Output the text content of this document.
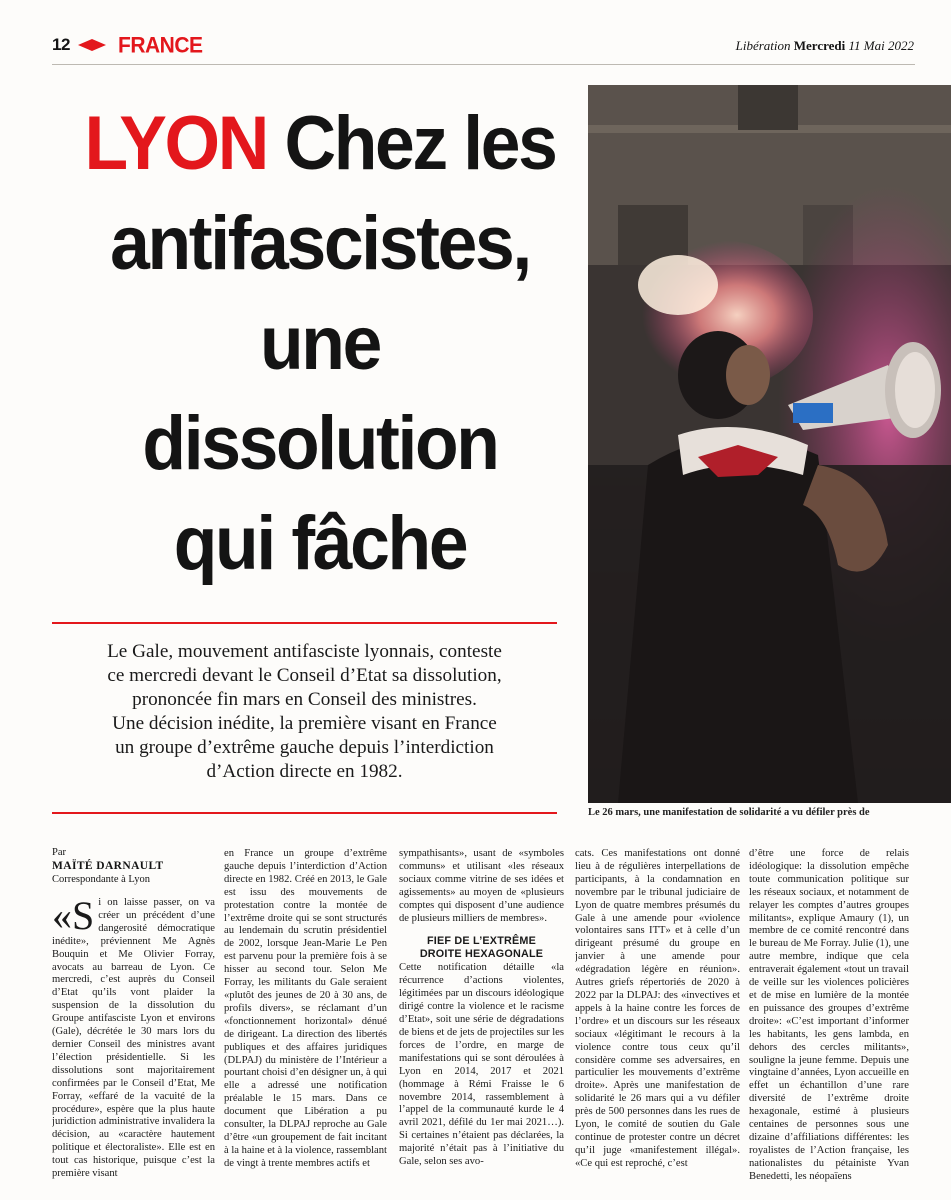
12 FRANCE	Libération Mercredi 11 Mai 2022
LYON Chez les
antifascistes,
une dissolution
qui fâche
Le 26 mars, une manifestation de solidarité a vu défiler près de
Le Gale, mouvement antifasciste lyonnais, conteste
ce mercredi devant le Conseil d’Etat sa dissolution,
prononcée fin mars en Conseil des ministres.
Une décision inédite, la première visant en France
un groupe d’extrême gauche depuis l’interdiction
d’Action directe en 1982.
Par
MAÏTÉ DARNAULT
Correspondante à Lyon
«S i on laisse passer, on va créer un précédent d’une dangerosité démocratique inédite», préviennent Me Agnès Bouquin et Me Olivier Forray, avocats au barreau de Lyon. Ce mercredi, c’est auprès du Conseil d’Etat qu’ils vont plaider la suspension de la dissolution du Groupe antifasciste Lyon et environs (Gale), décrétée le 30 mars lors du dernier Conseil des ministres avant l’élection présidentielle. Si les dissolutions sont majoritairement confirmées par le Conseil d’Etat, Me Forray, «effaré de la vacuité de la procédure», espère que la plus haute juridiction administrative invalidera la décision, au «caractère hautement politique et électoraliste». Elle est en tout cas historique, puisque c’est la première visant

en France un groupe d’extrême gauche depuis l’interdiction d’Action directe en 1982. Créé en 2013, le Gale est issu des mouvements de protestation contre la montée de l’extrême droite qui se sont structurés au lendemain du scrutin présidentiel de 2002, lorsque Jean-Marie Le Pen est parvenu pour la première fois à se hisser au second tour. Selon Me Forray, les militants du Gale seraient «plutôt des jeunes de 20 à 30 ans, de profils divers», se réclamant d’un «fonctionnement horizontal» dénué de dirigeant. La direction des libertés publiques et des affaires juridiques (DLPAJ) du ministère de l’Intérieur a pourtant choisi d’en désigner un, à qui elle a adressé une notification préalable le 15 mars. Dans ce document que Libération a pu consulter, la DLPAJ reproche au Gale d’être «un groupement de fait incitant à la haine et à la violence, rassemblant de vingt à trente membres actifs et

sympathisants», usant de «symboles communs» et utilisant «les réseaux sociaux comme vitrine de ses idées et agissements» au moyen de «plusieurs comptes qui disposent d’une audience de plusieurs milliers de membres».

FIEF DE L’EXTRÊME
DROITE HEXAGONALE

Cette notification détaille «la récurrence d’actions violentes, légitimées par un discours idéologique dirigé contre la violence et le racisme d’Etat», soit une série de dégradations de biens et de jets de projectiles sur les forces de l’ordre, en marge de manifestations qui se sont déroulées à Lyon en 2014, 2017 et 2021 (hommage à Rémi Fraisse le 6 novembre 2014, rassemblement à l’appel de la communauté kurde le 4 avril 2021, défilé du 1er mai 2021…). Si certaines n’étaient pas déclarées, la majorité n’était pas à l’initiative du Gale, selon ses avo-

cats. Ces manifestations ont donné lieu à de régulières interpellations de participants, à la condamnation en novembre par le tribunal judiciaire de Lyon de quatre membres présumés du Gale à une amende pour «violence volontaires sans ITT» et à celle d’un dirigeant présumé du groupe en janvier à une amende pour «dégradation légère en réunion». Autres griefs répertoriés de 2020 à 2022 par la DLPAJ: des «invectives et appels à la haine contre les forces de l’ordre» et un discours sur les réseaux sociaux «légitimant le recours à la violence contre tous ceux qu’il considère comme ses adversaires, en particulier les mouvements d’extrême droite». Après une manifestation de solidarité le 26 mars qui a vu défiler près de 500 personnes dans les rues de Lyon, le comité de soutien du Gale continue de protester contre un décret qu’il juge «manifestement illégal». «Ce qui est reproché, c’est

d’être une force de relais idéologique: la dissolution empêche toute communication politique sur les réseaux sociaux, et notamment de relayer les comptes d’autres groupes militants», explique Amaury (1), un membre de ce comité rencontré dans le bureau de Me Forray. Julie (1), une autre membre, indique que cela entraverait également «tout un travail de veille sur les violences policières et de mise en lumière de la montée en puissance des groupes d’extrême droite»: «C’est important d’informer les habitants, les gens lambda, en dehors des cercles militants», souligne la jeune femme. Depuis une vingtaine d’années, Lyon accueille en effet un échantillon d’une rare diversité de l’extrême droite hexagonale, estimé à plusieurs centaines de personnes sous une dizaine d’affiliations différentes: les royalistes de l’Action française, les nationalistes du pétainiste Yvan Benedetti, les néopaïens
